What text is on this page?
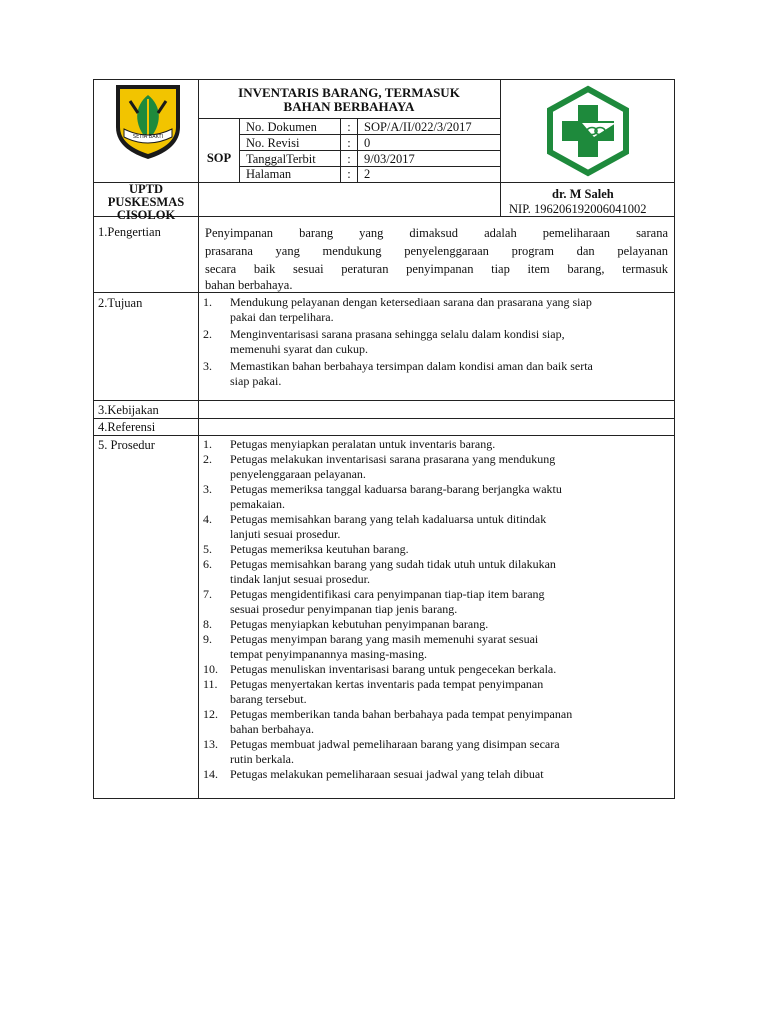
SETIA BAKTI
INVENTARIS BARANG, TERMASUK
BAHAN BERBAHAYA
SOP
No. Dokumen	:	SOP/A/II/022/3/2017
No. Revisi	:	0
TanggalTerbit	:	9/03/2017
Halaman	:	2
UPTD
PUSKESMAS
CISOLOK
dr. M Saleh
NIP. 196206192006041002
1.Pengertian	Penyimpanan barang yang dimaksud adalah pemeliharaan sarana
prasarana yang mendukung penyelenggaraan program dan pelayanan
secara baik sesuai peraturan penyimpanan tiap item barang, termasuk
bahan berbahaya.
2.Tujuan	1. Mendukung pelayanan dengan ketersediaan sarana dan prasarana yang siap
pakai dan terpelihara.
2. Menginventarisasi sarana prasana sehingga selalu dalam kondisi siap,
memenuhi syarat dan cukup.
3. Memastikan bahan berbahaya tersimpan dalam kondisi aman dan baik serta
siap pakai.
3.Kebijakan
4.Referensi
5. Prosedur	1. Petugas menyiapkan peralatan untuk inventaris barang.
2. Petugas melakukan inventarisasi sarana prasarana yang mendukung
penyelenggaraan pelayanan.
3. Petugas memeriksa tanggal kaduarsa barang-barang berjangka waktu
pemakaian.
4. Petugas memisahkan barang yang telah kadaluarsa untuk ditindak
lanjuti sesuai prosedur.
5. Petugas memeriksa keutuhan barang.
6. Petugas memisahkan barang yang sudah tidak utuh untuk dilakukan
tindak lanjut sesuai prosedur.
7. Petugas mengidentifikasi cara penyimpanan tiap-tiap item barang
sesuai prosedur penyimpanan tiap jenis barang.
8. Petugas menyiapkan kebutuhan penyimpanan barang.
9. Petugas menyimpan barang yang masih memenuhi syarat sesuai
tempat penyimpanannya masing-masing.
10. Petugas menuliskan inventarisasi barang untuk pengecekan berkala.
11. Petugas menyertakan kertas inventaris pada tempat penyimpanan
barang tersebut.
12. Petugas memberikan tanda bahan berbahaya pada tempat penyimpanan
bahan berbahaya.
13. Petugas membuat jadwal pemeliharaan barang yang disimpan secara
rutin berkala.
14. Petugas melakukan pemeliharaan sesuai jadwal yang telah dibuat
